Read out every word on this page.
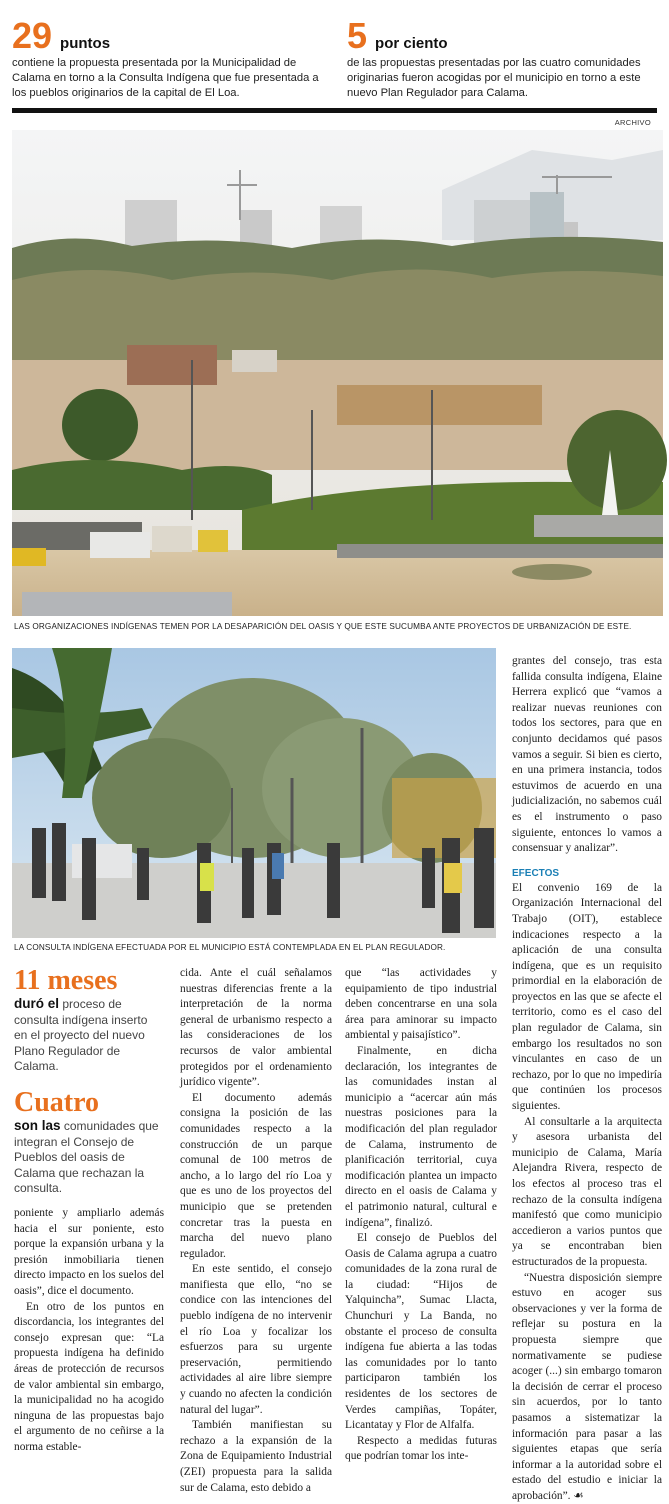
29 puntos
contiene la propuesta presentada por la Municipalidad de Calama en torno a la Consulta Indígena que fue presentada a los pueblos originarios de la capital de El Loa.
5 por ciento
de las propuestas presentadas por las cuatro comunidades originarias fueron acogidas por el municipio en torno a este nuevo Plan Regulador para Calama.
ARCHIVO
LAS ORGANIZACIONES INDÍGENAS TEMEN POR LA DESAPARICIÓN DEL OASIS Y QUE ESTE SUCUMBA ANTE PROYECTOS DE URBANIZACIÓN DE ESTE.
LA CONSULTA INDÍGENA EFECTUADA POR EL MUNICIPIO ESTÁ CONTEMPLADA EN EL PLAN REGULADOR.

grantes del consejo, tras esta fallida consulta indígena, Elaine Herrera explicó que “vamos a realizar nuevas reuniones con todos los sectores, para que en conjunto decidamos qué pasos vamos a seguir. Si bien es cierto, en una primera instancia, todos estuvimos de acuerdo en una judicialización, no sabemos cuál es el instrumento o paso siguiente, entonces lo vamos a consensuar y analizar”.

EFECTOS

El convenio 169 de la Organización Internacional del Trabajo (OIT), establece indicaciones respecto a la aplicación de una consulta indígena, que es un requisito primordial en la elaboración de proyectos en las que se afecte el territorio, como es el caso del plan regulador de Calama, sin embargo los resultados no son vinculantes en caso de un rechazo, por lo que no impediría que continúen los procesos siguientes.

Al consultarle a la arquitecta y asesora urbanista del municipio de Calama, María Alejandra Rivera, respecto de los efectos al proceso tras el rechazo de la consulta indígena manifestó que como municipio accedieron a varios puntos que ya se encontraban bien estructurados de la propuesta.

“Nuestra disposición siempre estuvo en acoger sus observaciones y ver la forma de reflejar su postura en la propuesta siempre que normativamente se pudiese acoger (...) sin embargo tomaron la decisión de cerrar el proceso sin acuerdos, por lo tanto pasamos a sistematizar la información para pasar a las siguientes etapas que sería informar a la autoridad sobre el estado del estudio e iniciar la aprobación”. ☙

11 meses
duró el proceso de consulta indígena inserto en el proyecto del nuevo Plano Regulador de Calama.
Cuatro
son las comunidades que integran el Consejo de Pueblos del oasis de Calama que rechazan la consulta.

poniente y ampliarlo además hacia el sur poniente, esto porque la expansión urbana y la presión inmobiliaria tienen directo impacto en los suelos del oasis”, dice el documento.

En otro de los puntos en discordancia, los integrantes del consejo expresan que: “La propuesta indígena ha definido áreas de protección de recursos de valor ambiental sin embargo, la municipalidad no ha acogido ninguna de las propuestas bajo el argumento de no ceñirse a la norma estable-

cida. Ante el cuál señalamos nuestras diferencias frente a la interpretación de la norma general de urbanismo respecto a las consideraciones de los recursos de valor ambiental protegidos por el ordenamiento jurídico vigente”.

El documento además consigna la posición de las comunidades respecto a la construcción de un parque comunal de 100 metros de ancho, a lo largo del río Loa y que es uno de los proyectos del municipio que se pretenden concretar tras la puesta en marcha del nuevo plano regulador.

En este sentido, el consejo manifiesta que ello, “no se condice con las intenciones del pueblo indígena de no intervenir el río Loa y focalizar los esfuerzos para su urgente preservación, permitiendo actividades al aire libre siempre y cuando no afecten la condición natural del lugar”.

También manifiestan su rechazo a la expansión de la Zona de Equipamiento Industrial (ZEI) propuesta para la salida sur de Calama, esto debido a

que “las actividades y equipamiento de tipo industrial deben concentrarse en una sola área para aminorar su impacto ambiental y paisajístico”.

Finalmente, en dicha declaración, los integrantes de las comunidades instan al municipio a “acercar aún más nuestras posiciones para la modificación del plan regulador de Calama, instrumento de planificación territorial, cuya modificación plantea un impacto directo en el oasis de Calama y el patrimonio natural, cultural e indígena”, finalizó.

El consejo de Pueblos del Oasis de Calama agrupa a cuatro comunidades de la zona rural de la ciudad: “Hijos de Yalquincha”, Sumac Llacta, Chunchuri y La Banda, no obstante el proceso de consulta indígena fue abierta a las todas las comunidades por lo tanto participaron también los residentes de los sectores de Verdes campiñas, Topáter, Licantatay y Flor de Alfalfa.

Respecto a medidas futuras que podrían tomar los inte-
